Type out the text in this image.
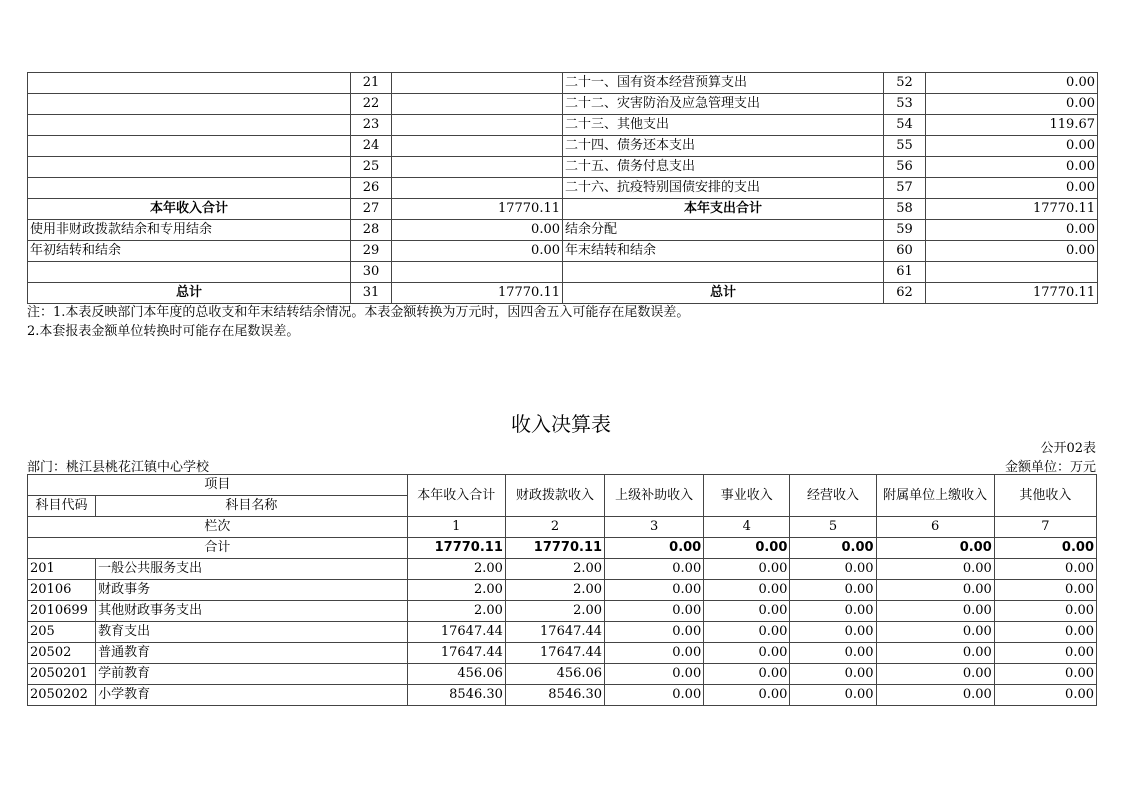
	21		二十一、国有资本经营预算支出	52	0.00
	22		二十二、灾害防治及应急管理支出	53	0.00
	23		二十三、其他支出	54	119.67
	24		二十四、债务还本支出	55	0.00
	25		二十五、债务付息支出	56	0.00
	26		二十六、抗疫特别国债安排的支出	57	0.00
本年收入合计	27	17770.11	本年支出合计	58	17770.11
使用非财政拨款结余和专用结余	28	0.00	结余分配	59	0.00
年初结转和结余	29	0.00	年末结转和结余	60	0.00
	30			61	
总计	31	17770.11	总计	62	17770.11
注：1.本表反映部门本年度的总收支和年末结转结余情况。本表金额转换为万元时，因四舍五入可能存在尾数误差。
2.本套报表金额单位转换时可能存在尾数误差。
收入决算表
公开02表
部门：桃江县桃花江镇中心学校	金额单位：万元
项目		本年收入合计	财政拨款收入	上级补助收入	事业收入	经营收入	附属单位上缴收入	其他收入
科目代码	科目名称							
栏次		1	2	3	4	5	6	7
合计		17770.11	17770.11	0.00	0.00	0.00	0.00	0.00
201	一般公共服务支出	2.00	2.00	0.00	0.00	0.00	0.00	0.00
20106	财政事务	2.00	2.00	0.00	0.00	0.00	0.00	0.00
2010699	其他财政事务支出	2.00	2.00	0.00	0.00	0.00	0.00	0.00
205	教育支出	17647.44	17647.44	0.00	0.00	0.00	0.00	0.00
20502	普通教育	17647.44	17647.44	0.00	0.00	0.00	0.00	0.00
2050201	学前教育	456.06	456.06	0.00	0.00	0.00	0.00	0.00
2050202	小学教育	8546.30	8546.30	0.00	0.00	0.00	0.00	0.00
